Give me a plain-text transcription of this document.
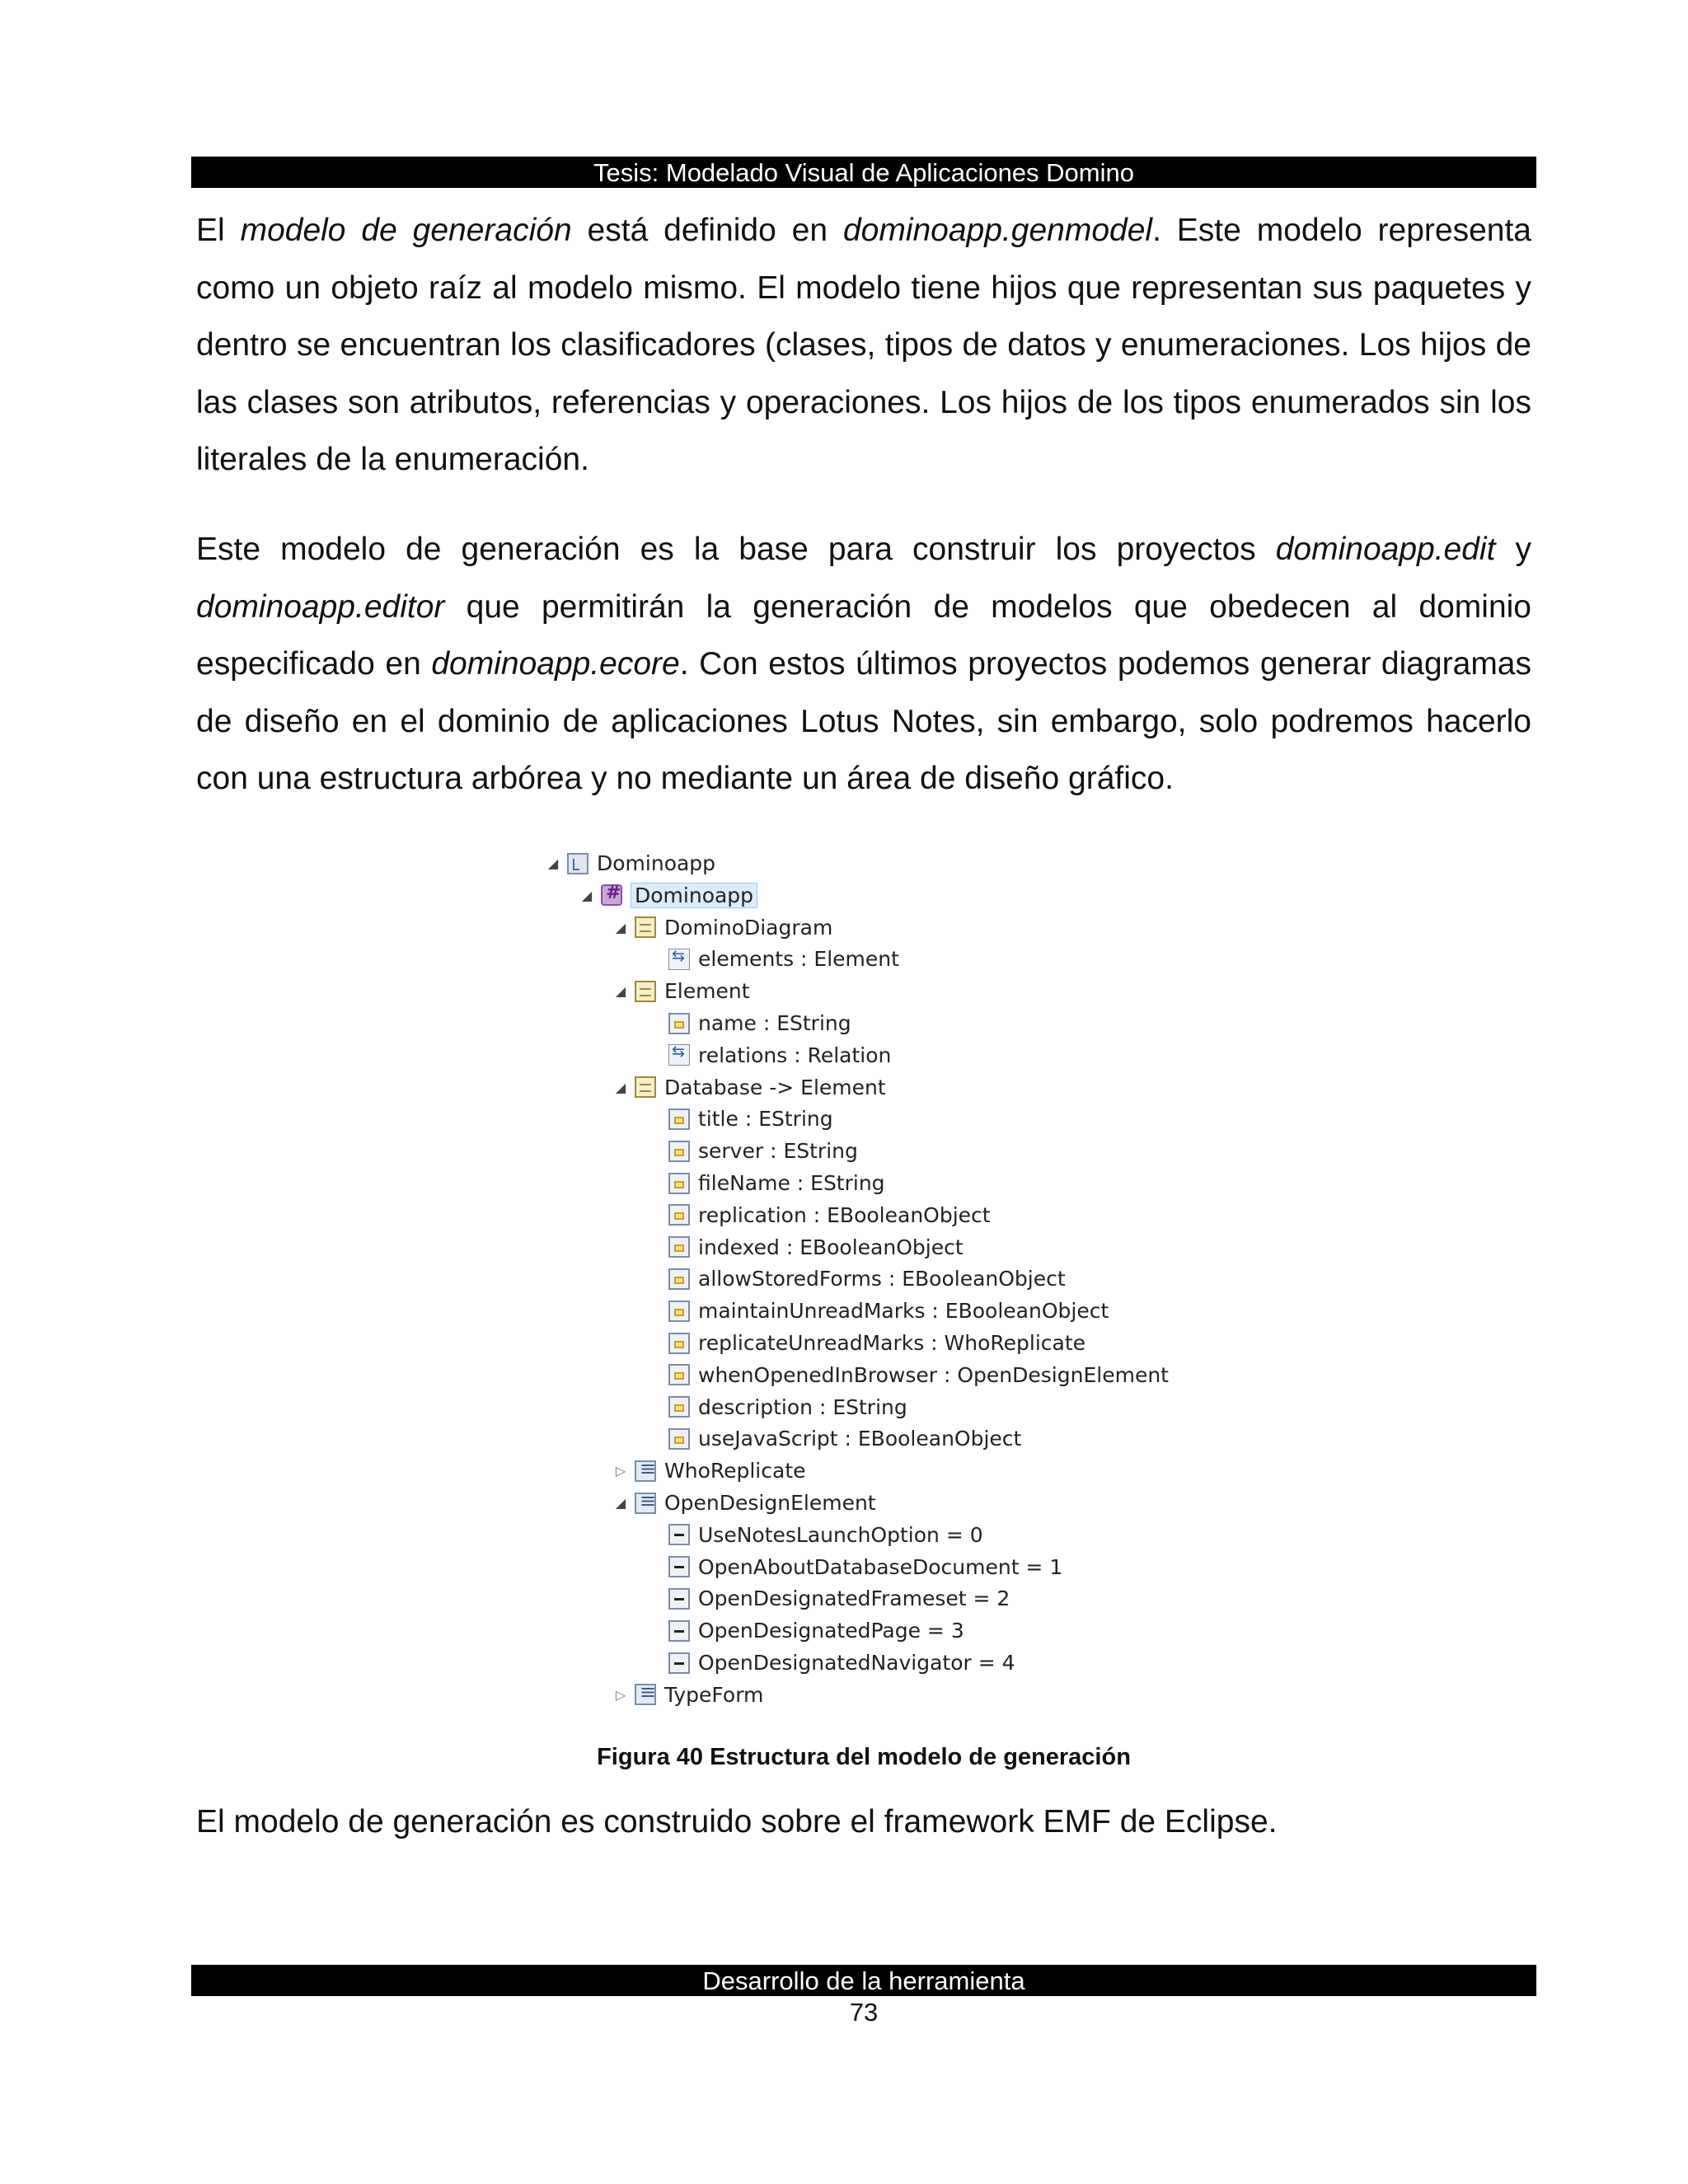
Tesis: Modelado Visual de Aplicaciones Domino

El modelo de generación está definido en dominoapp.genmodel. Este modelo representa como un objeto raíz al modelo mismo. El modelo tiene hijos que representan sus paquetes y dentro se encuentran los clasificadores (clases, tipos de datos y enumeraciones. Los hijos de las clases son atributos, referencias y operaciones. Los hijos de los tipos enumerados sin los literales de la enumeración.

Este modelo de generación es la base para construir los proyectos dominoapp.edit y dominoapp.editor que permitirán la generación de modelos que obedecen al dominio especificado en dominoapp.ecore. Con estos últimos proyectos podemos generar diagramas de diseño en el dominio de aplicaciones Lotus Notes, sin embargo, solo podremos hacerlo con una estructura arbórea y no mediante un área de diseño gráfico.

◢ Dominoapp
◢ # Dominoapp
◢ DominoDiagram
⇆
elements : Element
◢ Element
name : EString
⇆
relations : Relation
◢ Database -> Element
title : EString
server : EString
fileName : EString
replication : EBooleanObject
indexed : EBooleanObject
allowStoredForms : EBooleanObject
maintainUnreadMarks : EBooleanObject
replicateUnreadMarks : WhoReplicate
whenOpenedInBrowser : OpenDesignElement
description : EString
useJavaScript : EBooleanObject
▷ ≡ WhoReplicate
◢ ≡ OpenDesignElement
UseNotesLaunchOption = 0
OpenAboutDatabaseDocument = 1
OpenDesignatedFrameset = 2
OpenDesignatedPage = 3
OpenDesignatedNavigator = 4
▷ ≡ TypeForm
Figura 40 Estructura del modelo de generación

El modelo de generación es construido sobre el framework EMF de Eclipse.

Desarrollo de la herramienta
73
